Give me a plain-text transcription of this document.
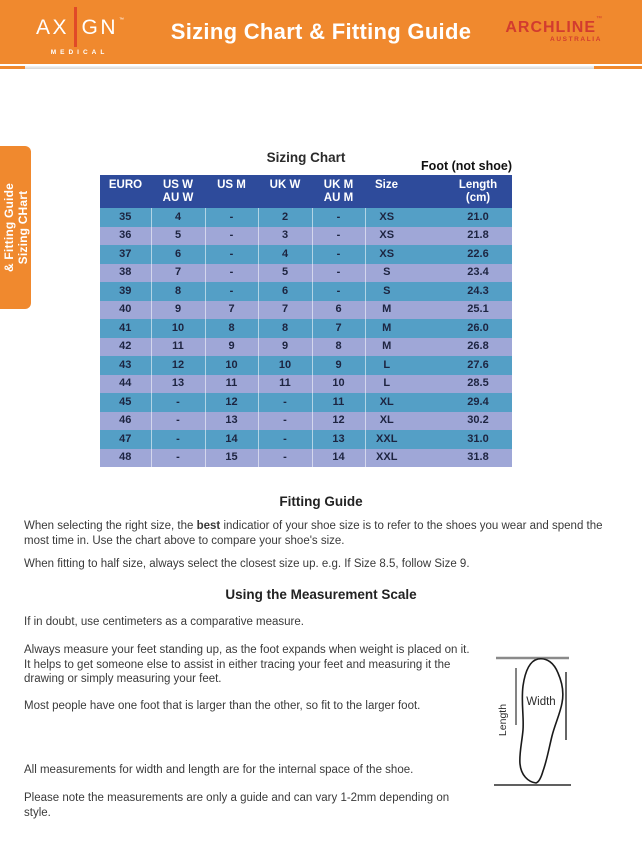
AX GN ™
MEDICAL
Sizing Chart & Fitting Guide	ARCHLINE™
AUSTRALIA
& Fitting Guide Sizing CHart
Sizing Chart
Foot (not shoe)
EURO	US W
AU W

US M	UK W	UK M
AU M

Size	Length
(cm)

35	4	-	2	-	XS	21.0
36	5	-	3	-	XS	21.8
37	6	-	4	-	XS	22.6
38	7	-	5	-	S	23.4
39	8	-	6	-	S	24.3
40	9	7	7	6	M	25.1
41	10	8	8	7	M	26.0
42	11	9	9	8	M	26.8
43	12	10	10	9	L	27.6
44	13	11	11	10	L	28.5
45	-	12	-	11	XL	29.4
46	-	13	-	12	XL	30.2
47	-	14	-	13	XXL	31.0
48	-	15	-	14	XXL	31.8
Fitting Guide
When selecting the right size, the best indicatior of your shoe size is to refer to the shoes you wear and spend the most time in. Use the chart above to compare your shoe's size.
When fitting to half size, always select the closest size up. e.g. If Size 8.5, follow Size 9.
Using the Measurement Scale
If in doubt, use centimeters as a comparative measure.
Always measure your feet standing up, as the foot expands when weight is placed on it. It helps to get someone else to assist in either tracing your feet and measuring it the drawing or simply measuring your feet.
Most people have one foot that is larger than the other, so fit to the larger foot.
All measurements for width and length are for the internal space of the shoe.
Please note the measurements are only a guide and can vary 1-2mm depending on style.
Width
Length
